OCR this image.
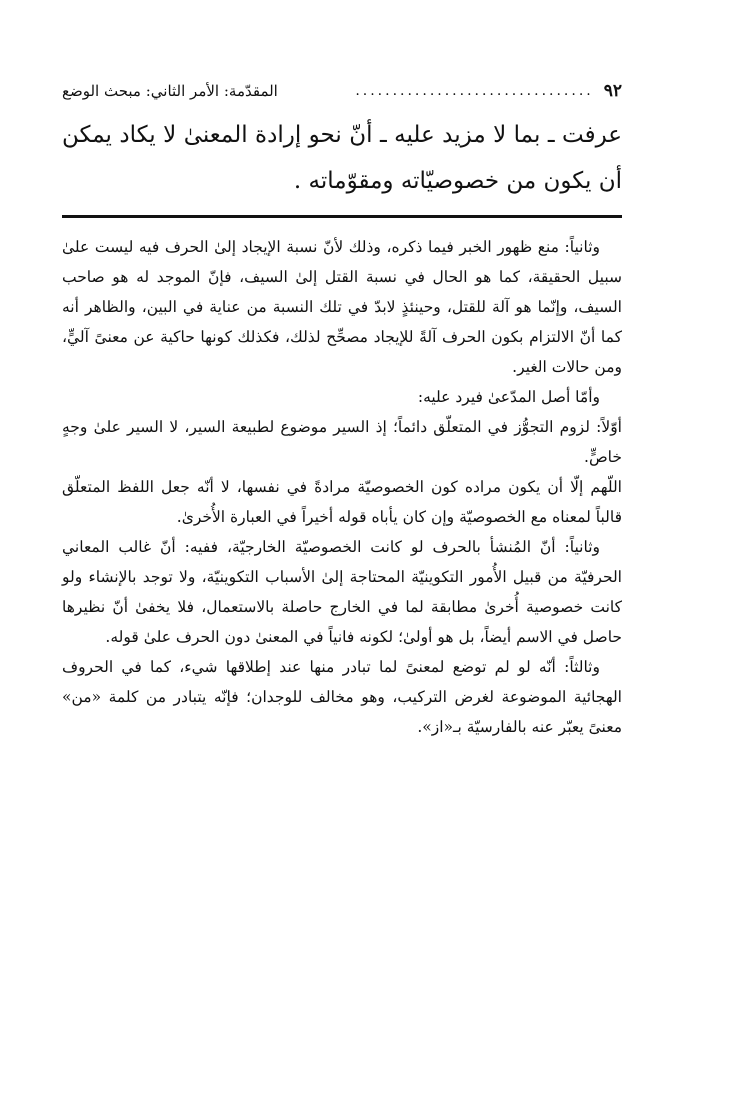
٩٢
................................
المقدّمة: الأمر الثاني: مبحث الوضع

عرفت ـ بما لا مزيد عليه ـ أنّ نحو إرادة المعنىٰ لا يكاد يمكن أن يكون من خصوصيّاته ومقوّماته .

وثانياً: منع ظهور الخبر فيما ذكره، وذلك لأنّ نسبة الإيجاد إلىٰ الحرف فيه ليست علىٰ سبيل الحقيقة، كما هو الحال في نسبة القتل إلىٰ السيف، فإنّ الموجد له هو صاحب السيف، وإنّما هو آلة للقتل، وحينئذٍ لابدّ في تلك النسبة من عناية في البين، والظاهر أنه كما أنّ الالتزام بكون الحرف آلةً للإيجاد مصحِّح لذلك، فكذلك كونها حاكية عن معنىً آليٍّ، ومن حالات الغير.

وأمّا أصل المدّعىٰ فيرد عليه:

أوّلاً: لزوم التجوُّز في المتعلّق دائماً؛ إذ السير موضوع لطبيعة السير، لا السير علىٰ وجهٍ خاصٍّ.

اللّهم إلّا أن يكون مراده كون الخصوصيّة مرادةً في نفسها، لا أنّه جعل اللفظ المتعلّق قالباً لمعناه مع الخصوصيّة وإن كان يأباه قوله أخيراً في العبارة الأُخرىٰ.

وثانياً: أنّ المُنشأ بالحرف لو كانت الخصوصيّة الخارجيّة، ففيه: أنّ غالب المعاني الحرفيّة من قبيل الأُمور التكوينيّة المحتاجة إلىٰ الأسباب التكوينيّة، ولا توجد بالإنشاء ولو كانت خصوصية أُخرىٰ مطابقة لما في الخارج حاصلة بالاستعمال، فلا يخفىٰ أنّ نظيرها حاصل في الاسم أيضاً، بل هو أولىٰ؛ لكونه فانياً في المعنىٰ دون الحرف علىٰ قوله.

وثالثاً: أنّه لو لم توضع لمعنىً لما تبادر منها عند إطلاقها شيء، كما في الحروف الهجائية الموضوعة لغرض التركيب، وهو مخالف للوجدان؛ فإنّه يتبادر من كلمة «من» معنىً يعبّر عنه بالفارسيّة بـ«از».
